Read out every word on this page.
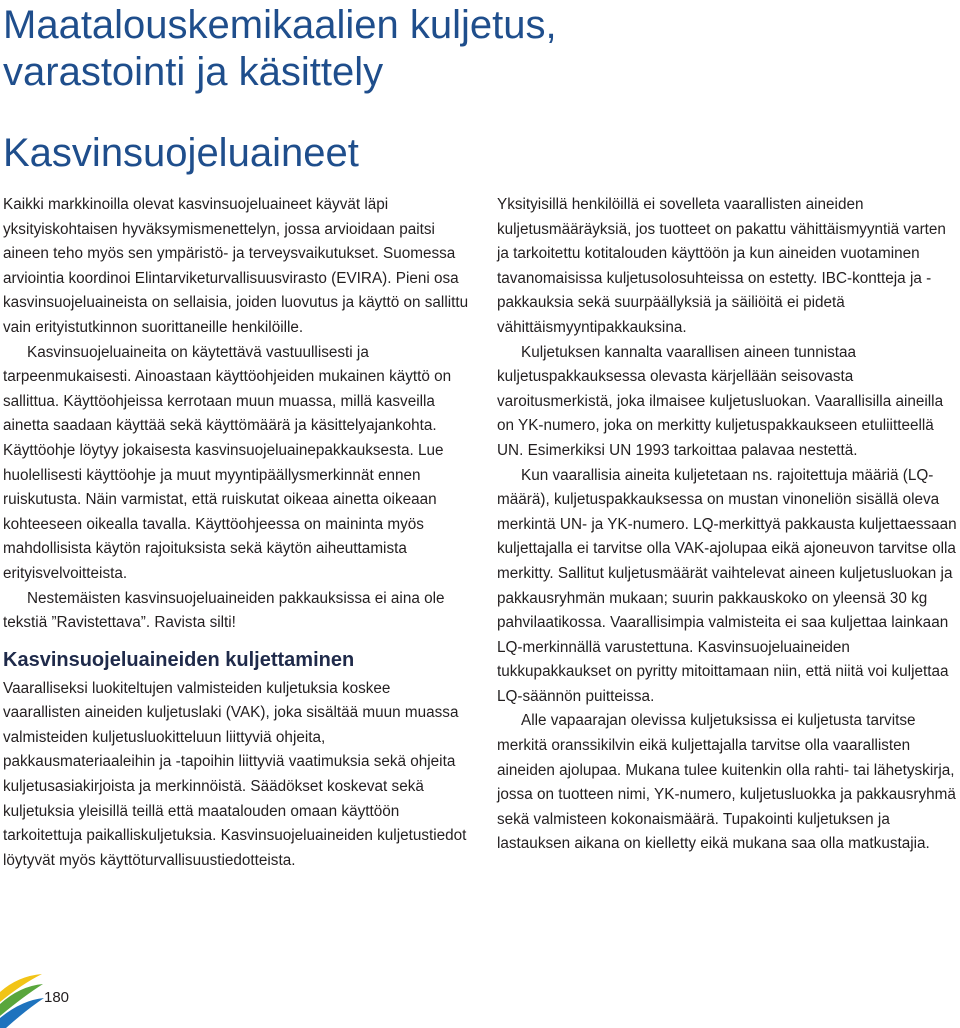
Maatalouskemikaalien kuljetus,
varastointi ja käsittely
Kasvinsuojeluaineet

Kaikki markkinoilla olevat kasvinsuojeluaineet käyvät läpi yksityiskohtaisen hyväksymismenettelyn, jossa arvioidaan paitsi aineen teho myös sen ympäristö- ja terveysvaikutukset. Suomessa arviointia koordinoi Elintarviketurvallisuusvirasto (EVIRA). Pieni osa kasvinsuojeluaineista on sellaisia, joiden luovutus ja käyttö on sallittu vain erityistutkinnon suorittaneille henkilöille.

Kasvinsuojeluaineita on käytettävä vastuullisesti ja tarpeenmukaisesti. Ainoastaan käyttöohjeiden mukainen käyttö on sallittua. Käyttöohjeissa kerrotaan muun muassa, millä kasveilla ainetta saadaan käyttää sekä käyttömäärä ja käsittelyajankohta. Käyttöohje löytyy jokaisesta kasvinsuojeluainepakkauksesta. Lue huolellisesti käyttöohje ja muut myyntipäällysmerkinnät ennen ruiskutusta. Näin varmistat, että ruiskutat oikeaa ainetta oikeaan kohteeseen oikealla tavalla. Käyttöohjeessa on maininta myös mahdollisista käytön rajoituksista sekä käytön aiheuttamista erityisvelvoitteista.

Nestemäisten kasvinsuojeluaineiden pakkauksissa ei aina ole tekstiä ”Ravistettava”. Ravista silti!

Kasvinsuojeluaineiden kuljettaminen

Vaaralliseksi luokiteltujen valmisteiden kuljetuksia koskee vaarallisten aineiden kuljetuslaki (VAK), joka sisältää muun muassa valmisteiden kuljetusluokitteluun liittyviä ohjeita, pakkausmateriaaleihin ja -tapoihin liittyviä vaatimuksia sekä ohjeita kuljetusasiakirjoista ja merkinnöistä. Säädökset koskevat sekä kuljetuksia yleisillä teillä että maatalouden omaan käyttöön tarkoitettuja paikalliskuljetuksia. Kasvinsuojeluaineiden kuljetustiedot löytyvät myös käyttöturvallisuustiedotteista.

Yksityisillä henkilöillä ei sovelleta vaarallisten aineiden kuljetusmääräyksiä, jos tuotteet on pakattu vähittäismyyntiä varten ja tarkoitettu kotitalouden käyttöön ja kun aineiden vuotaminen tavanomaisissa kuljetusolosuhteissa on estetty. IBC-kontteja ja -pakkauksia sekä suurpäällyksiä ja säiliöitä ei pidetä vähittäismyyntipakkauksina.

Kuljetuksen kannalta vaarallisen aineen tunnistaa kuljetuspakkauksessa olevasta kärjellään seisovasta varoitusmerkistä, joka ilmaisee kuljetusluokan. Vaarallisilla aineilla on YK-numero, joka on merkitty kuljetuspakkaukseen etuliitteellä UN. Esimerkiksi UN 1993 tarkoittaa palavaa nestettä.

Kun vaarallisia aineita kuljetetaan ns. rajoitettuja määriä (LQ-määrä), kuljetuspakkauksessa on mustan vinoneliön sisällä oleva merkintä UN- ja YK-numero. LQ-merkittyä pakkausta kuljettaessaan kuljettajalla ei tarvitse olla VAK-ajolupaa eikä ajoneuvon tarvitse olla merkitty. Sallitut kuljetusmäärät vaihtelevat aineen kuljetusluokan ja pakkausryhmän mukaan; suurin pakkauskoko on yleensä 30 kg pahvilaatikossa. Vaarallisimpia valmisteita ei saa kuljettaa lainkaan LQ-merkinnällä varustettuna. Kasvinsuojeluaineiden tukkupakkaukset on pyritty mitoittamaan niin, että niitä voi kuljettaa LQ-säännön puitteissa.

Alle vapaarajan olevissa kuljetuksissa ei kuljetusta tarvitse merkitä oranssikilvin eikä kuljettajalla tarvitse olla vaarallisten aineiden ajolupaa. Mukana tulee kuitenkin olla rahti- tai lähetyskirja, jossa on tuotteen nimi, YK-numero, kuljetusluokka ja pakkausryhmä sekä valmisteen kokonaismäärä. Tupakointi kuljetuksen ja lastauksen aikana on kielletty eikä mukana saa olla matkustajia.

180
